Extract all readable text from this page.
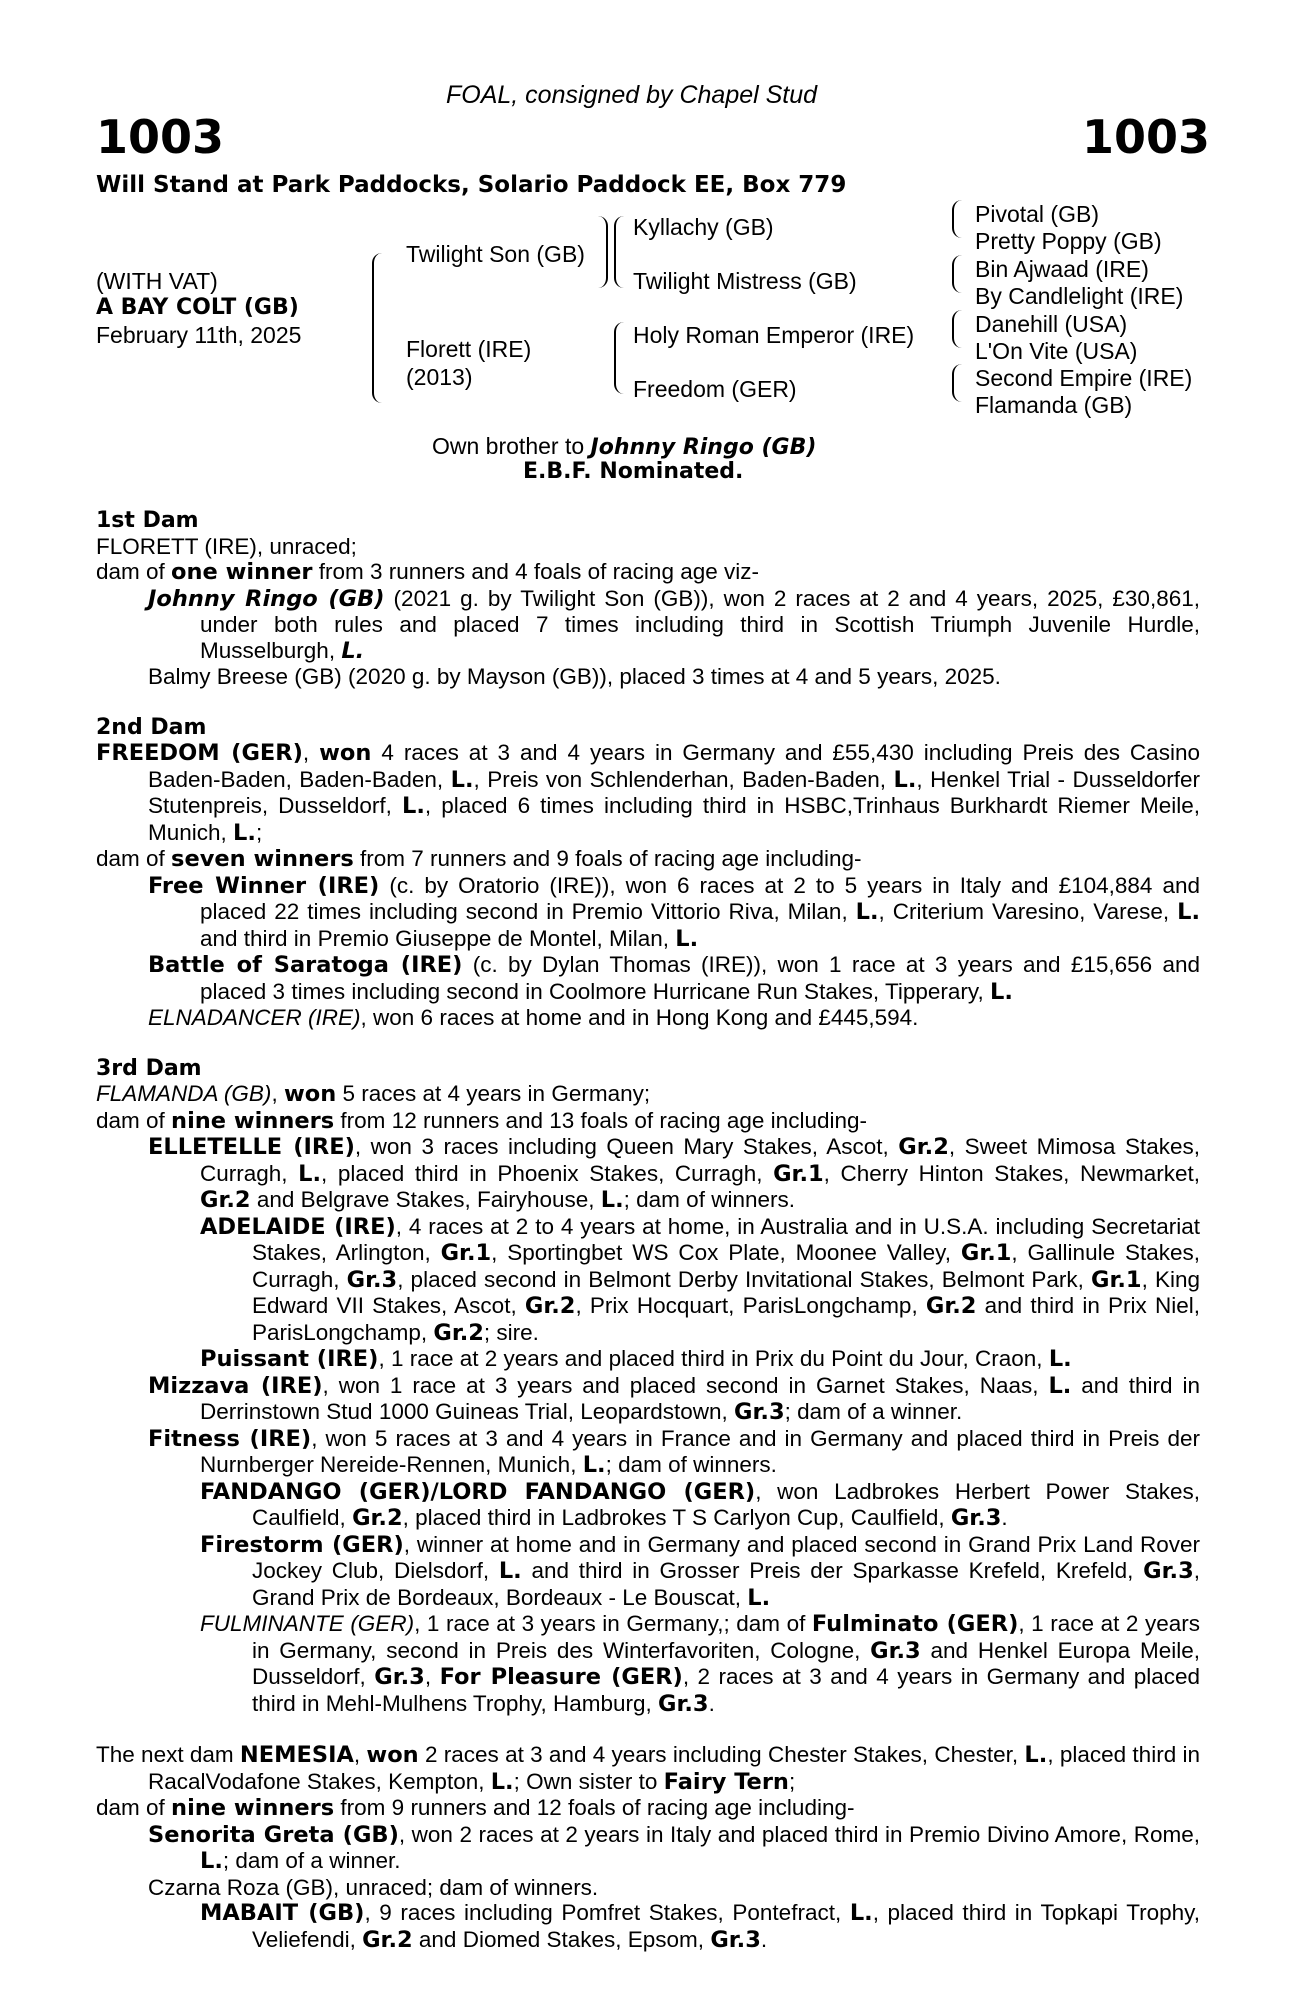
FOAL, consigned by Chapel Stud
1003	1003
Will Stand at Park Paddocks, Solario Paddock EE, Box 779
(WITH VAT)
A BAY COLT (GB)
February 11th, 2025
Twilight Son (GB)
Florett (IRE)
(2013)
Kyllachy (GB)
Twilight Mistress (GB)
Holy Roman Emperor (IRE)
Freedom (GER)
Pivotal (GB)
Pretty Poppy (GB)
Bin Ajwaad (IRE)
By Candlelight (IRE)
Danehill (USA)
L'On Vite (USA)
Second Empire (IRE)
Flamanda (GB)
Own brother to Johnny Ringo (GB)
E.B.F. Nominated.

1st Dam

FLORETT (IRE), unraced;

dam of one winner from 3 runners and 4 foals of racing age viz-

Johnny Ringo (GB) (2021 g. by Twilight Son (GB)), won 2 races at 2 and 4 years, 2025, £30,861, under both rules and placed 7 times including third in Scottish Triumph Juvenile Hurdle, Musselburgh, L.

Balmy Breese (GB) (2020 g. by Mayson (GB)), placed 3 times at 4 and 5 years, 2025.

2nd Dam

FREEDOM (GER), won 4 races at 3 and 4 years in Germany and £55,430 including Preis des Casino Baden-Baden, Baden-Baden, L., Preis von Schlenderhan, Baden-Baden, L., Henkel Trial - Dusseldorfer Stutenpreis, Dusseldorf, L., placed 6 times including third in HSBC,Trinhaus Burkhardt Riemer Meile, Munich, L.;

dam of seven winners from 7 runners and 9 foals of racing age including-

Free Winner (IRE) (c. by Oratorio (IRE)), won 6 races at 2 to 5 years in Italy and £104,884 and placed 22 times including second in Premio Vittorio Riva, Milan, L., Criterium Varesino, Varese, L. and third in Premio Giuseppe de Montel, Milan, L.

Battle of Saratoga (IRE) (c. by Dylan Thomas (IRE)), won 1 race at 3 years and £15,656 and placed 3 times including second in Coolmore Hurricane Run Stakes, Tipperary, L.

ELNADANCER (IRE), won 6 races at home and in Hong Kong and £445,594.

3rd Dam

FLAMANDA (GB), won 5 races at 4 years in Germany;

dam of nine winners from 12 runners and 13 foals of racing age including-

ELLETELLE (IRE), won 3 races including Queen Mary Stakes, Ascot, Gr.2, Sweet Mimosa Stakes, Curragh, L., placed third in Phoenix Stakes, Curragh, Gr.1, Cherry Hinton Stakes, Newmarket, Gr.2 and Belgrave Stakes, Fairyhouse, L.; dam of winners.

ADELAIDE (IRE), 4 races at 2 to 4 years at home, in Australia and in U.S.A. including Secretariat Stakes, Arlington, Gr.1, Sportingbet WS Cox Plate, Moonee Valley, Gr.1, Gallinule Stakes, Curragh, Gr.3, placed second in Belmont Derby Invitational Stakes, Belmont Park, Gr.1, King Edward VII Stakes, Ascot, Gr.2, Prix Hocquart, ParisLongchamp, Gr.2 and third in Prix Niel, ParisLongchamp, Gr.2; sire.

Puissant (IRE), 1 race at 2 years and placed third in Prix du Point du Jour, Craon, L.

Mizzava (IRE), won 1 race at 3 years and placed second in Garnet Stakes, Naas, L. and third in Derrinstown Stud 1000 Guineas Trial, Leopardstown, Gr.3; dam of a winner.

Fitness (IRE), won 5 races at 3 and 4 years in France and in Germany and placed third in Preis der Nurnberger Nereide-Rennen, Munich, L.; dam of winners.

FANDANGO (GER)/LORD FANDANGO (GER), won Ladbrokes Herbert Power Stakes, Caulfield, Gr.2, placed third in Ladbrokes T S Carlyon Cup, Caulfield, Gr.3.

Firestorm (GER), winner at home and in Germany and placed second in Grand Prix Land Rover Jockey Club, Dielsdorf, L. and third in Grosser Preis der Sparkasse Krefeld, Krefeld, Gr.3, Grand Prix de Bordeaux, Bordeaux - Le Bouscat, L.

FULMINANTE (GER), 1 race at 3 years in Germany,; dam of Fulminato (GER), 1 race at 2 years in Germany, second in Preis des Winterfavoriten, Cologne, Gr.3 and Henkel Europa Meile, Dusseldorf, Gr.3, For Pleasure (GER), 2 races at 3 and 4 years in Germany and placed third in Mehl-Mulhens Trophy, Hamburg, Gr.3.

The next dam NEMESIA, won 2 races at 3 and 4 years including Chester Stakes, Chester, L., placed third in RacalVodafone Stakes, Kempton, L.; Own sister to Fairy Tern;

dam of nine winners from 9 runners and 12 foals of racing age including-

Senorita Greta (GB), won 2 races at 2 years in Italy and placed third in Premio Divino Amore, Rome, L.; dam of a winner.

Czarna Roza (GB), unraced; dam of winners.

MABAIT (GB), 9 races including Pomfret Stakes, Pontefract, L., placed third in Topkapi Trophy, Veliefendi, Gr.2 and Diomed Stakes, Epsom, Gr.3.
